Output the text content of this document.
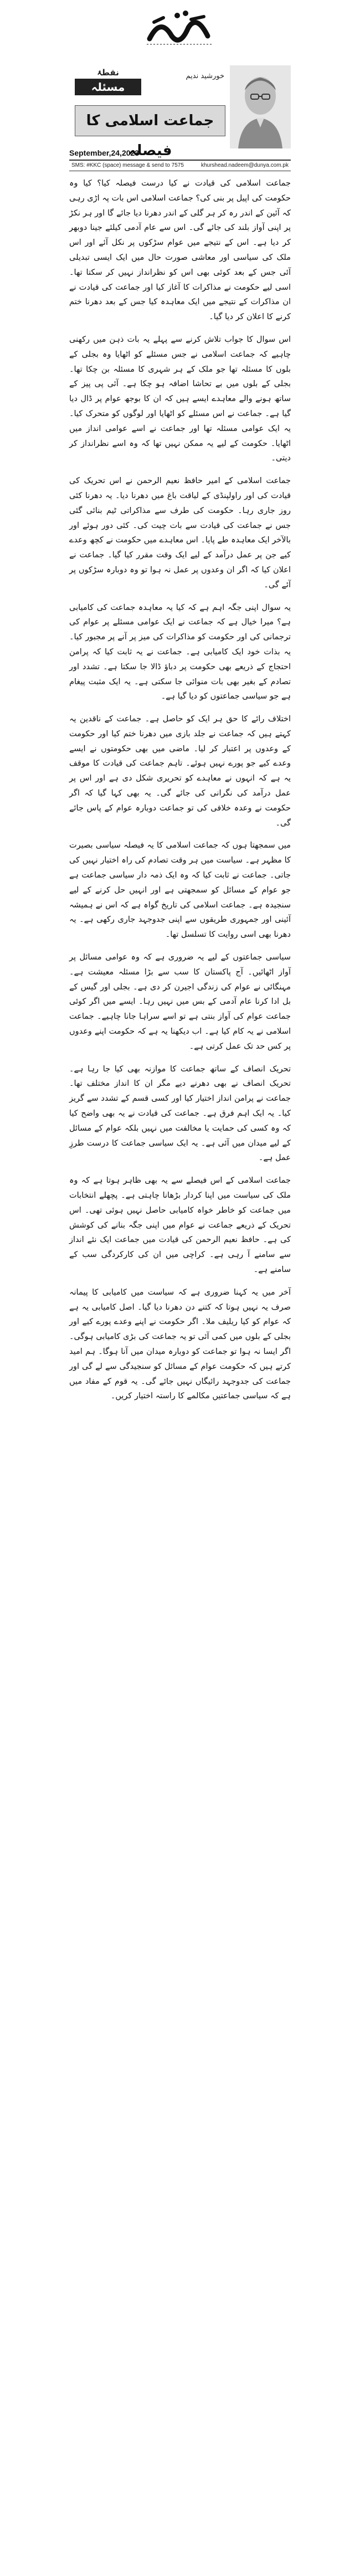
نقطۂ
مسئلہ
خورشید ندیم
جماعت اسلامی کا فیصلہ
September,24,2023
SMS: #KKC (space) message & send to 7575	khurshead.nadeem@dunya.com.pk

جماعت اسلامی کی قیادت نے کیا درست فیصلہ کیا؟ کیا وہ حکومت کی اپیل پر بنی کی؟ جماعت اسلامی اس بات پہ اڑی رہی کہ آئین کے اندر رہ کر ہر گلی کے اندر دھرنا دیا جائے گا اور ہر نکڑ پر اپنی آواز بلند کی جائے گی۔ اس سے عام آدمی کیلئے جینا دوبھر کر دیا ہے۔ اس کے نتیجے میں عوام سڑکوں پر نکل آئے اور اس ملک کی سیاسی اور معاشی صورت حال میں ایک ایسی تبدیلی آئی جس کے بعد کوئی بھی اس کو نظرانداز نہیں کر سکتا تھا۔ اسی لیے حکومت نے مذاکرات کا آغاز کیا اور جماعت کی قیادت نے ان مذاکرات کے نتیجے میں ایک معاہدہ کیا جس کے بعد دھرنا ختم کرنے کا اعلان کر دیا گیا۔

اس سوال کا جواب تلاش کرنے سے پہلے یہ بات ذہن میں رکھنی چاہیے کہ جماعت اسلامی نے جس مسئلے کو اٹھایا وہ بجلی کے بلوں کا مسئلہ تھا جو ملک کے ہر شہری کا مسئلہ بن چکا تھا۔ بجلی کے بلوں میں بے تحاشا اضافہ ہو چکا ہے۔ آئی پی پیز کے ساتھ ہونے والے معاہدے ایسے ہیں کہ ان کا بوجھ عوام پر ڈال دیا گیا ہے۔ جماعت نے اس مسئلے کو اٹھایا اور لوگوں کو متحرک کیا۔ یہ ایک عوامی مسئلہ تھا اور جماعت نے اسے عوامی انداز میں اٹھایا۔ حکومت کے لیے یہ ممکن نہیں تھا کہ وہ اسے نظرانداز کر دیتی۔

جماعت اسلامی کے امیر حافظ نعیم الرحمن نے اس تحریک کی قیادت کی اور راولپنڈی کے لیاقت باغ میں دھرنا دیا۔ یہ دھرنا کئی روز جاری رہا۔ حکومت کی طرف سے مذاکراتی ٹیم بنائی گئی جس نے جماعت کی قیادت سے بات چیت کی۔ کئی دور ہوئے اور بالآخر ایک معاہدہ طے پایا۔ اس معاہدے میں حکومت نے کچھ وعدے کیے جن پر عمل درآمد کے لیے ایک وقت مقرر کیا گیا۔ جماعت نے اعلان کیا کہ اگر ان وعدوں پر عمل نہ ہوا تو وہ دوبارہ سڑکوں پر آئے گی۔

یہ سوال اپنی جگہ اہم ہے کہ کیا یہ معاہدہ جماعت کی کامیابی ہے؟ میرا خیال ہے کہ جماعت نے ایک عوامی مسئلے پر عوام کی ترجمانی کی اور حکومت کو مذاکرات کی میز پر آنے پر مجبور کیا۔ یہ بذات خود ایک کامیابی ہے۔ جماعت نے یہ ثابت کیا کہ پرامن احتجاج کے ذریعے بھی حکومت پر دباؤ ڈالا جا سکتا ہے۔ تشدد اور تصادم کے بغیر بھی بات منوائی جا سکتی ہے۔ یہ ایک مثبت پیغام ہے جو سیاسی جماعتوں کو دیا گیا ہے۔

اختلاف رائے کا حق ہر ایک کو حاصل ہے۔ جماعت کے ناقدین یہ کہتے ہیں کہ جماعت نے جلد بازی میں دھرنا ختم کیا اور حکومت کے وعدوں پر اعتبار کر لیا۔ ماضی میں بھی حکومتوں نے ایسے وعدے کیے جو پورے نہیں ہوئے۔ تاہم جماعت کی قیادت کا موقف یہ ہے کہ انہوں نے معاہدے کو تحریری شکل دی ہے اور اس پر عمل درآمد کی نگرانی کی جائے گی۔ یہ بھی کہا گیا کہ اگر حکومت نے وعدہ خلافی کی تو جماعت دوبارہ عوام کے پاس جائے گی۔

میں سمجھتا ہوں کہ جماعت اسلامی کا یہ فیصلہ سیاسی بصیرت کا مظہر ہے۔ سیاست میں ہر وقت تصادم کی راہ اختیار نہیں کی جاتی۔ جماعت نے ثابت کیا کہ وہ ایک ذمہ دار سیاسی جماعت ہے جو عوام کے مسائل کو سمجھتی ہے اور انہیں حل کرنے کے لیے سنجیدہ ہے۔ جماعت اسلامی کی تاریخ گواہ ہے کہ اس نے ہمیشہ آئینی اور جمہوری طریقوں سے اپنی جدوجہد جاری رکھی ہے۔ یہ دھرنا بھی اسی روایت کا تسلسل تھا۔

سیاسی جماعتوں کے لیے یہ ضروری ہے کہ وہ عوامی مسائل پر آواز اٹھائیں۔ آج پاکستان کا سب سے بڑا مسئلہ معیشت ہے۔ مہنگائی نے عوام کی زندگی اجیرن کر دی ہے۔ بجلی اور گیس کے بل ادا کرنا عام آدمی کے بس میں نہیں رہا۔ ایسے میں اگر کوئی جماعت عوام کی آواز بنتی ہے تو اسے سراہا جانا چاہیے۔ جماعت اسلامی نے یہ کام کیا ہے۔ اب دیکھنا یہ ہے کہ حکومت اپنے وعدوں پر کس حد تک عمل کرتی ہے۔

تحریک انصاف کے ساتھ جماعت کا موازنہ بھی کیا جا رہا ہے۔ تحریک انصاف نے بھی دھرنے دیے مگر ان کا انداز مختلف تھا۔ جماعت نے پرامن انداز اختیار کیا اور کسی قسم کے تشدد سے گریز کیا۔ یہ ایک اہم فرق ہے۔ جماعت کی قیادت نے یہ بھی واضح کیا کہ وہ کسی کی حمایت یا مخالفت میں نہیں بلکہ عوام کے مسائل کے لیے میدان میں آئی ہے۔ یہ ایک سیاسی جماعت کا درست طرزِ عمل ہے۔

جماعت اسلامی کے اس فیصلے سے یہ بھی ظاہر ہوتا ہے کہ وہ ملک کی سیاست میں اپنا کردار بڑھانا چاہتی ہے۔ پچھلے انتخابات میں جماعت کو خاطر خواہ کامیابی حاصل نہیں ہوئی تھی۔ اس تحریک کے ذریعے جماعت نے عوام میں اپنی جگہ بنانے کی کوشش کی ہے۔ حافظ نعیم الرحمن کی قیادت میں جماعت ایک نئے انداز سے سامنے آ رہی ہے۔ کراچی میں ان کی کارکردگی سب کے سامنے ہے۔

آخر میں یہ کہنا ضروری ہے کہ سیاست میں کامیابی کا پیمانہ صرف یہ نہیں ہوتا کہ کتنے دن دھرنا دیا گیا۔ اصل کامیابی یہ ہے کہ عوام کو کیا ریلیف ملا۔ اگر حکومت نے اپنے وعدے پورے کیے اور بجلی کے بلوں میں کمی آئی تو یہ جماعت کی بڑی کامیابی ہوگی۔ اگر ایسا نہ ہوا تو جماعت کو دوبارہ میدان میں آنا ہوگا۔ ہم امید کرتے ہیں کہ حکومت عوام کے مسائل کو سنجیدگی سے لے گی اور جماعت کی جدوجہد رائیگاں نہیں جائے گی۔ یہ قوم کے مفاد میں ہے کہ سیاسی جماعتیں مکالمے کا راستہ اختیار کریں۔
